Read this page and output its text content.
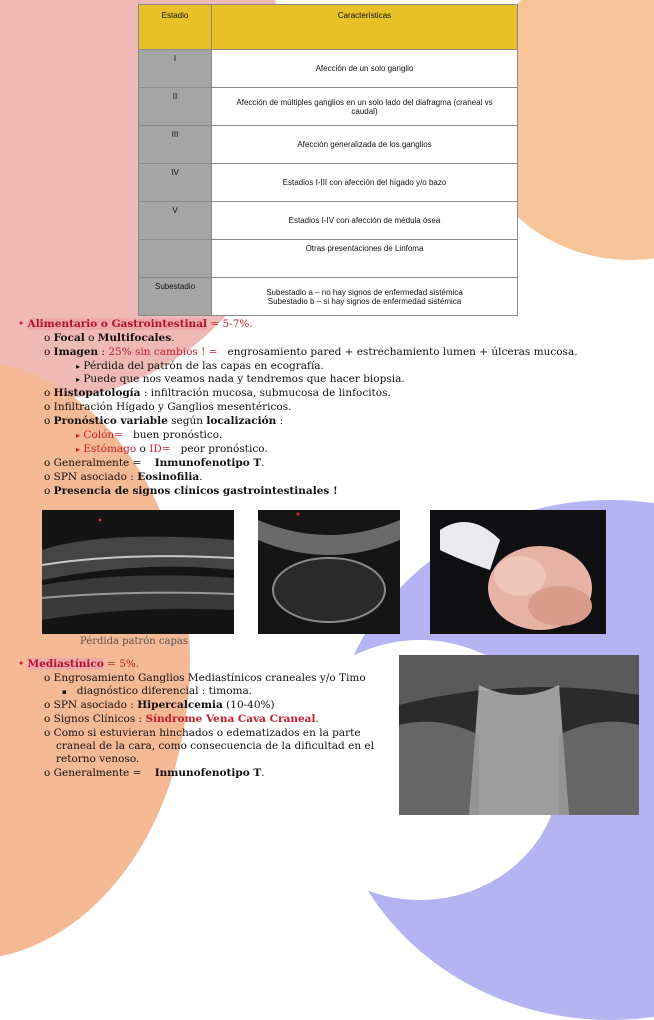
Estadio	Características
I	Afección de un solo ganglio
II	Afección de múltiples ganglios en un solo lado del diafragma (craneal vs caudal)

III	Afección generalizada de los ganglios
IV	Estadios I-III con afección del hígado y/o bazo
V	Estadios I-IV con afección de médula ósea
	Otras presentaciones de Linfoma
Subestadio	Subestadio a – no hay signos de enfermedad sistémica
Subestadio b – si hay signos de enfermedad sistémica
• Alimentario o Gastrointestinal = 5-7%.
o Focal o Multifocales.
o Imagen : 25% sin cambios ! = engrosamiento pared + estrechamiento lumen + úlceras mucosa.
▸ Pérdida del patrón de las capas en ecografía.
▸ Puede que nos veamos nada y tendremos que hacer biopsia.
o Histopatología : infiltración mucosa, submucosa de linfocitos.
o Infiltración Hígado y Ganglios mesentéricos.
o Pronóstico variable según localización :
▸ Colón= buen pronóstico.
▸ Estómago o ID= peor pronóstico.
o Generalmente = Inmunofenotipo T.
o SPN asociado : Eosinofilia.
o Presencia de signos clínicos gastrointestinales !
Pérdida patrón capas
• Mediastínico = 5%.
o Engrosamiento Ganglios Mediastínicos craneales y/o Timo
▪ diagnóstico diferencial : timoma.
o SPN asociado : Hipercalcemia (10-40%)
o Signos Clínicos : Síndrome Vena Cava Craneal.
o Como si estuvieran hinchados o edematizados en la parte
craneal de la cara, como consecuencia de la dificultad en el
retorno venoso.
o Generalmente = Inmunofenotipo T.
